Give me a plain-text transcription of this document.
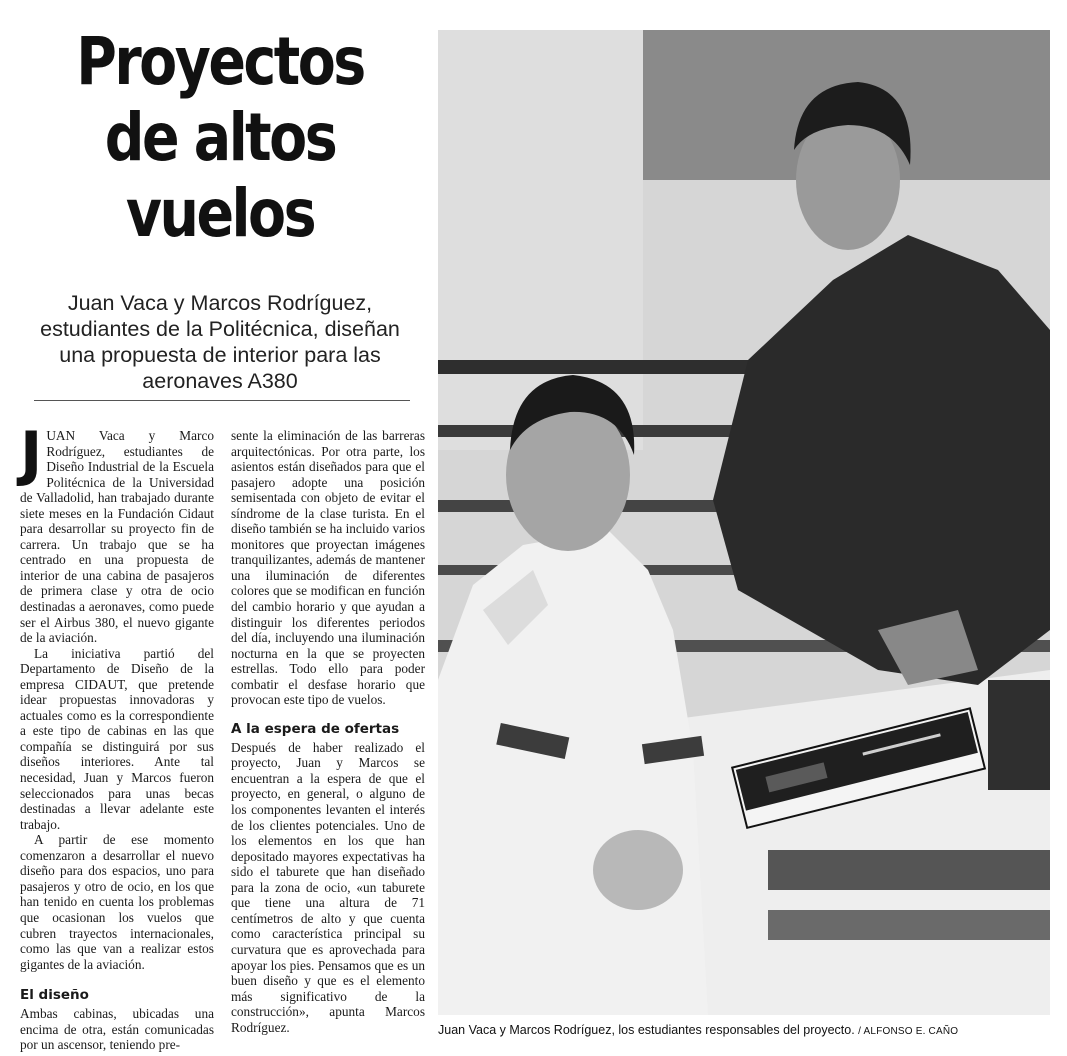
Proyectos
de altos
vuelos
Juan Vaca y Marcos Rodríguez,
estudiantes de la Politécnica, diseñan
una propuesta de interior para las
aeronaves A380

JUAN Vaca y Marco Rodríguez, estudiantes de Diseño Industrial de la Escuela Politécnica de la Universidad de Valladolid, han trabajado durante siete meses en la Fundación Cidaut para desarrollar su proyecto fin de carrera. Un trabajo que se ha centrado en una propuesta de interior de una cabina de pasajeros de primera clase y otra de ocio destinadas a aeronaves, como puede ser el Airbus 380, el nuevo gigante de la aviación.

La iniciativa partió del Departamento de Diseño de la empresa CIDAUT, que pretende idear propuestas innovadoras y actuales como es la correspondiente a este tipo de cabinas en las que compañía se distinguirá por sus diseños interiores. Ante tal necesidad, Juan y Marcos fueron seleccionados para unas becas destinadas a llevar adelante este trabajo.

A partir de ese momento comenzaron a desarrollar el nuevo diseño para dos espacios, uno para pasajeros y otro de ocio, en los que han tenido en cuenta los problemas que ocasionan los vuelos que cubren trayectos internacionales, como las que van a realizar estos gigantes de la aviación.

El diseño

Ambas cabinas, ubicadas una encima de otra, están comunicadas por un ascensor, teniendo pre-

sente la eliminación de las barreras arquitectónicas. Por otra parte, los asientos están diseñados para que el pasajero adopte una posición semisentada con objeto de evitar el síndrome de la clase turista. En el diseño también se ha incluido varios monitores que proyectan imágenes tranquilizantes, además de mantener una iluminación de diferentes colores que se modifican en función del cambio horario y que ayudan a distinguir los diferentes periodos del día, incluyendo una iluminación nocturna en la que se proyecten estrellas. Todo ello para poder combatir el desfase horario que provocan este tipo de vuelos.

A la espera de ofertas

Después de haber realizado el proyecto, Juan y Marcos se encuentran a la espera de que el proyecto, en general, o alguno de los componentes levanten el interés de los clientes potenciales. Uno de los elementos en los que han depositado mayores expectativas ha sido el taburete que han diseñado para la zona de ocio, «un taburete que tiene una altura de 71 centímetros de alto y que cuenta como característica principal su curvatura que es aprovechada para apoyar los pies. Pensamos que es un buen diseño y que es el elemento más significativo de la construcción», apunta Marcos Rodríguez.	Juan Vaca y Marcos Rodríguez, los estudiantes responsables del proyecto. / ALFONSO E. CAÑO
